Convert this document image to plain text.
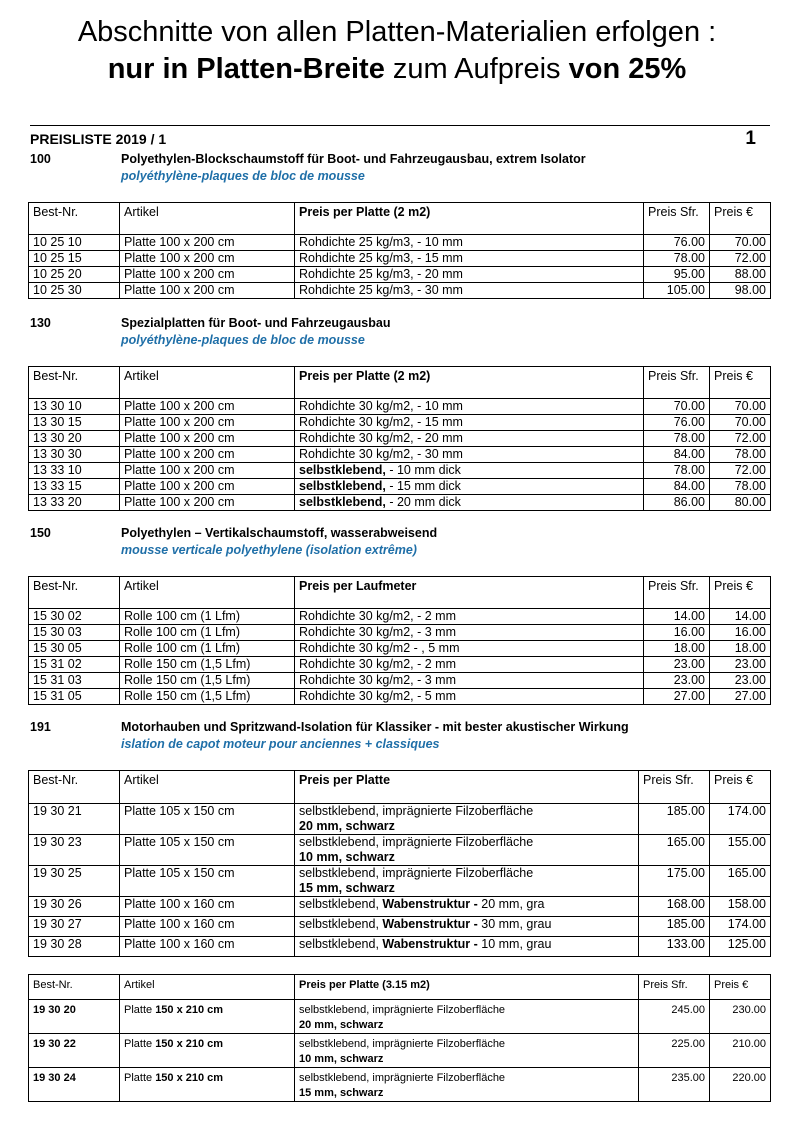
Abschnitte von allen Platten-Materialien erfolgen :
nur in Platten-Breite zum Aufpreis von 25%
PREISLISTE 2019 / 1	1
100	Polyethylen-Blockschaumstoff für Boot- und Fahrzeugausbau, extrem Isolator
polyéthylène-plaques de bloc de mousse
Best-Nr.	Artikel	Preis per Platte (2 m2)	Preis Sfr.	Preis €
10 25 10	Platte 100 x 200 cm	Rohdichte 25 kg/m3, - 10 mm	76.00	70.00
10 25 15	Platte 100 x 200 cm	Rohdichte 25 kg/m3, - 15 mm	78.00	72.00
10 25 20	Platte 100 x 200 cm	Rohdichte 25 kg/m3, - 20 mm	95.00	88.00
10 25 30	Platte 100 x 200 cm	Rohdichte 25 kg/m3, - 30 mm	105.00	98.00
130	Spezialplatten für Boot- und Fahrzeugausbau
polyéthylène-plaques de bloc de mousse
Best-Nr.	Artikel	Preis per Platte (2 m2)	Preis Sfr.	Preis €
13 30 10	Platte 100 x 200 cm	Rohdichte 30 kg/m2, - 10 mm	70.00	70.00
13 30 15	Platte 100 x 200 cm	Rohdichte 30 kg/m2, - 15 mm	76.00	70.00
13 30 20	Platte 100 x 200 cm	Rohdichte 30 kg/m2, - 20 mm	78.00	72.00
13 30 30	Platte 100 x 200 cm	Rohdichte 30 kg/m2, - 30 mm	84.00	78.00
13 33 10	Platte 100 x 200 cm	selbstklebend, - 10 mm dick	78.00	72.00
13 33 15	Platte 100 x 200 cm	selbstklebend, - 15 mm dick	84.00	78.00
13 33 20	Platte 100 x 200 cm	selbstklebend, - 20 mm dick	86.00	80.00
150	Polyethylen – Vertikalschaumstoff, wasserabweisend
mousse verticale polyethylene (isolation extrême)
Best-Nr.	Artikel	Preis per Laufmeter	Preis Sfr.	Preis €
15 30 02	Rolle 100 cm (1 Lfm)	Rohdichte 30 kg/m2, - 2 mm	14.00	14.00
15 30 03	Rolle 100 cm (1 Lfm)	Rohdichte 30 kg/m2, - 3 mm	16.00	16.00
15 30 05	Rolle 100 cm (1 Lfm)	Rohdichte 30 kg/m2 - , 5 mm	18.00	18.00
15 31 02	Rolle 150 cm (1,5 Lfm)	Rohdichte 30 kg/m2, - 2 mm	23.00	23.00
15 31 03	Rolle 150 cm (1,5 Lfm)	Rohdichte 30 kg/m2, - 3 mm	23.00	23.00
15 31 05	Rolle 150 cm (1,5 Lfm)	Rohdichte 30 kg/m2, - 5 mm	27.00	27.00
191	Motorhauben und Spritzwand-Isolation für Klassiker - mit bester akustischer Wirkung
islation de capot moteur pour anciennes + classiques
Best-Nr.	Artikel	Preis per Platte	Preis Sfr.	Preis €
19 30 21	Platte 105 x 150 cm	selbstklebend, imprägnierte Filzoberfläche
20 mm, schwarz	185.00	174.00
19 30 23	Platte 105 x 150 cm	selbstklebend, imprägnierte Filzoberfläche
10 mm, schwarz	165.00	155.00
19 30 25	Platte 105 x 150 cm	selbstklebend, imprägnierte Filzoberfläche
15 mm, schwarz	175.00	165.00
19 30 26	Platte 100 x 160 cm	selbstklebend, Wabenstruktur - 20 mm, gra	168.00	158.00
19 30 27	Platte 100 x 160 cm	selbstklebend, Wabenstruktur - 30 mm, grau	185.00	174.00
19 30 28	Platte 100 x 160 cm	selbstklebend, Wabenstruktur - 10 mm, grau	133.00	125.00
Best-Nr.	Artikel	Preis per Platte (3.15 m2)	Preis Sfr.	Preis €
19 30 20	Platte 150 x 210 cm	selbstklebend, imprägnierte Filzoberfläche
20 mm, schwarz	245.00	230.00
19 30 22	Platte 150 x 210 cm	selbstklebend, imprägnierte Filzoberfläche
10 mm, schwarz	225.00	210.00
19 30 24	Platte 150 x 210 cm	selbstklebend, imprägnierte Filzoberfläche
15 mm, schwarz	235.00	220.00
